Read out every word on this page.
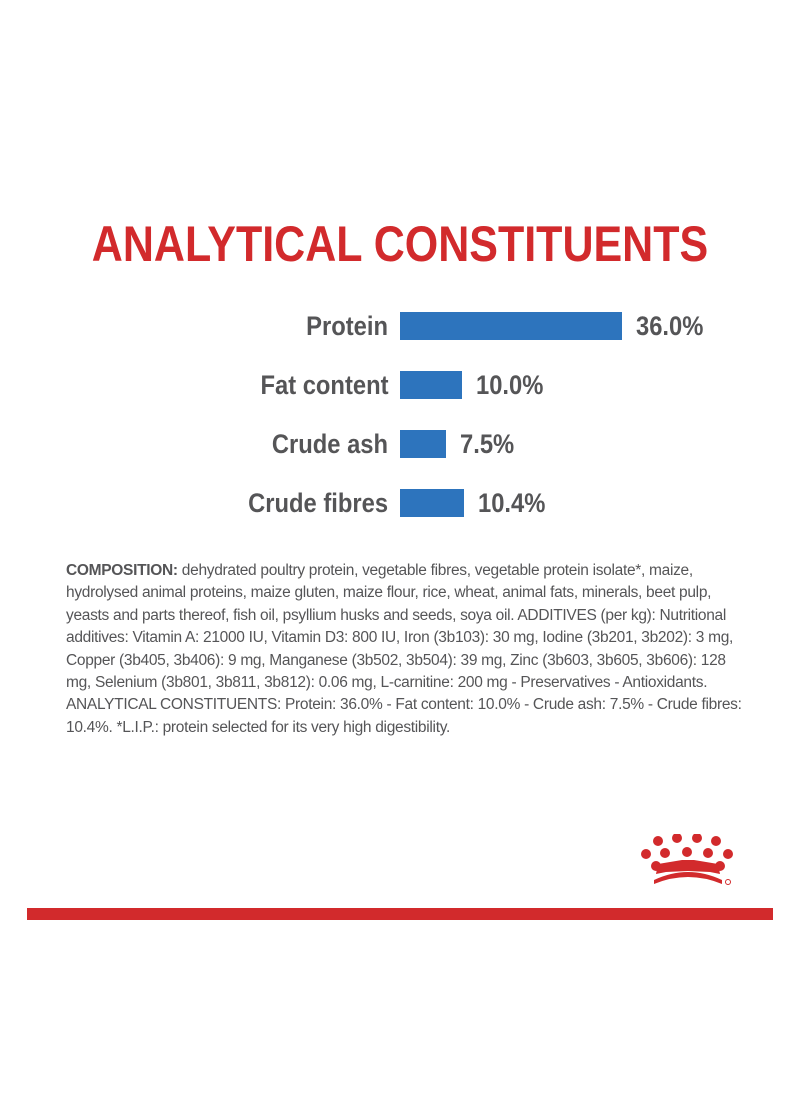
ANALYTICAL CONSTITUENTS
Protein	36.0%
Fat content	10.0%
Crude ash	7.5%
Crude fibres	10.4%
COMPOSITION: dehydrated poultry protein, vegetable fibres, vegetable protein isolate*, maize, hydrolysed animal proteins, maize gluten, maize flour, rice, wheat, animal fats, minerals, beet pulp, yeasts and parts thereof, fish oil, psyllium husks and seeds, soya oil. ADDITIVES (per kg): Nutritional additives: Vitamin A: 21000 IU, Vitamin D3: 800 IU, Iron (3b103): 30 mg, Iodine (3b201, 3b202): 3 mg, Copper (3b405, 3b406): 9 mg, Manganese (3b502, 3b504): 39 mg, Zinc (3b603, 3b605, 3b606): 128 mg, Selenium (3b801, 3b811, 3b812): 0.06 mg, L-carnitine: 200 mg - Preservatives - Antioxidants. ANALYTICAL CONSTITUENTS: Protein: 36.0% - Fat content: 10.0% - Crude ash: 7.5% - Crude fibres: 10.4%. *L.I.P.: protein selected for its very high digestibility.
